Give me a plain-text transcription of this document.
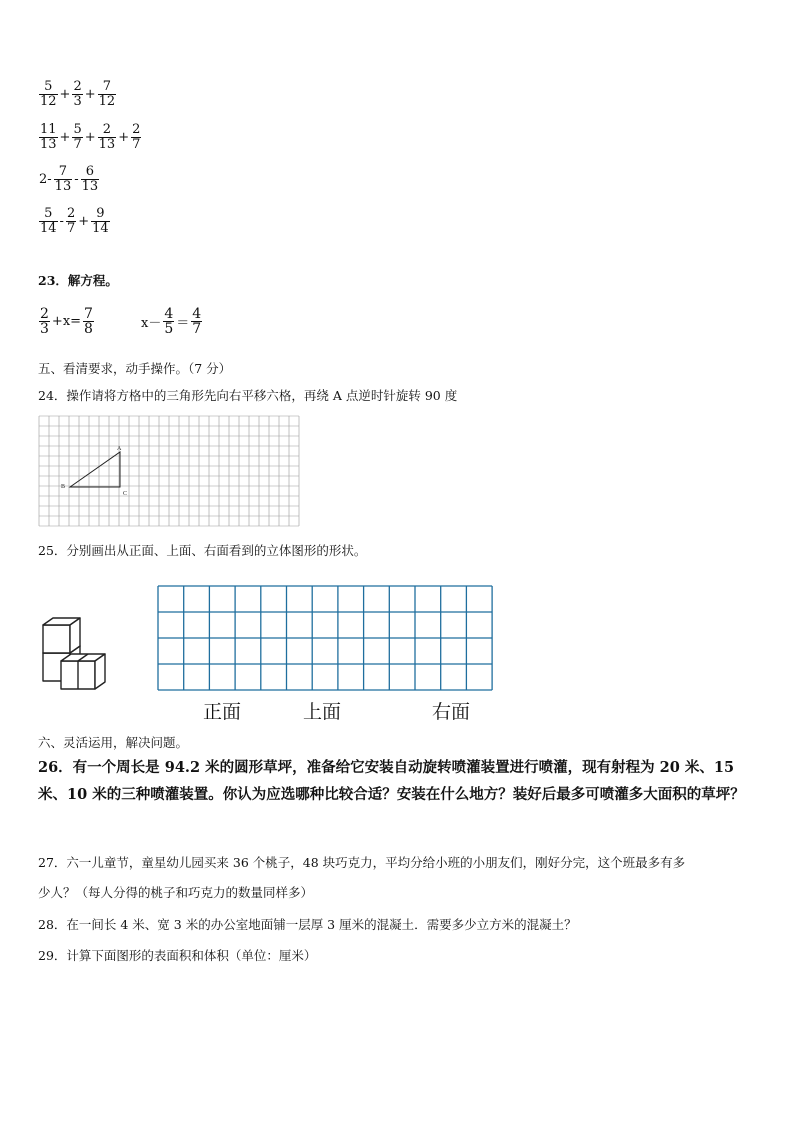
$\frac{5}{12} + \frac{2}{3} + \frac{7}{12}$
$\frac{11}{13} + \frac{5}{7} + \frac{2}{13} + \frac{2}{7}$
$2- \frac{7}{13} - \frac{6}{13}$
$\frac{5}{14} - \frac{2}{7} + \frac{9}{14}$
23．解方程。
$\frac{2}{3} +x= \frac{7}{8}$	$x- \frac{4}{5} = \frac{4}{7}$
五、看清要求，动手操作。（7 分）
24．操作请将方格中的三角形先向右平移六格，再绕 A 点逆时针旋转 90 度
A
B
C
25．分别画出从正面、上面、右面看到的立体图形的形状。
正面	上面	右面
六、灵活运用，解决问题。
26．有一个周长是 94.2 米的圆形草坪，准备给它安装自动旋转喷灌装置进行喷灌，现有射程为 20 米、15 米、10 米的三种喷灌装置。你认为应选哪种比较合适？安装在什么地方？装好后最多可喷灌多大面积的草坪？
27．六一儿童节，童星幼儿园买来 36 个桃子，48 块巧克力，平均分给小班的小朋友们，刚好分完，这个班最多有多
少人？（每人分得的桃子和巧克力的数量同样多）
28．在一间长 4 米、宽 3 米的办公室地面铺一层厚 3 厘米的混凝土．需要多少立方米的混凝土？
29．计算下面图形的表面积和体积（单位：厘米）
